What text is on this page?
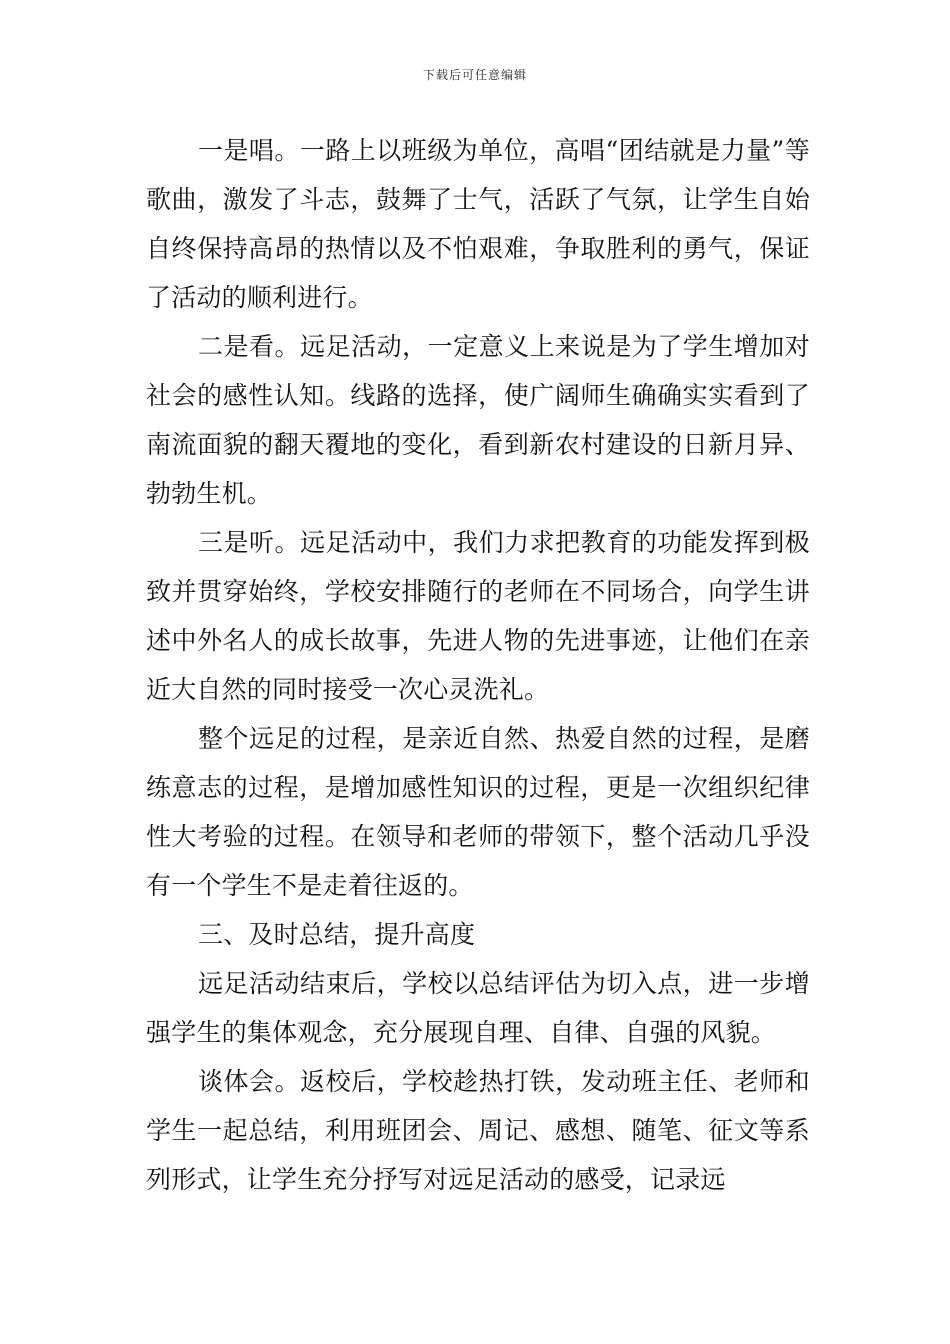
下载后可任意编辑

一是唱。一路上以班级为单位，高唱“团结就是力量”等歌曲，激发了斗志，鼓舞了士气，活跃了气氛，让学生自始自终保持高昂的热情以及不怕艰难，争取胜利的勇气，保证了活动的顺利进行。

二是看。远足活动，一定意义上来说是为了学生增加对社会的感性认知。线路的选择，使广阔师生确确实实看到了南流面貌的翻天覆地的变化，看到新农村建设的日新月异、勃勃生机。

三是听。远足活动中，我们力求把教育的功能发挥到极致并贯穿始终，学校安排随行的老师在不同场合，向学生讲述中外名人的成长故事，先进人物的先进事迹，让他们在亲近大自然的同时接受一次心灵洗礼。

整个远足的过程，是亲近自然、热爱自然的过程，是磨练意志的过程，是增加感性知识的过程，更是一次组织纪律性大考验的过程。在领导和老师的带领下，整个活动几乎没有一个学生不是走着往返的。

三、及时总结，提升高度

远足活动结束后，学校以总结评估为切入点，进一步增强学生的集体观念，充分展现自理、自律、自强的风貌。

谈体会。返校后，学校趁热打铁，发动班主任、老师和学生一起总结，利用班团会、周记、感想、随笔、征文等系列形式，让学生充分抒写对远足活动的感受，记录远
